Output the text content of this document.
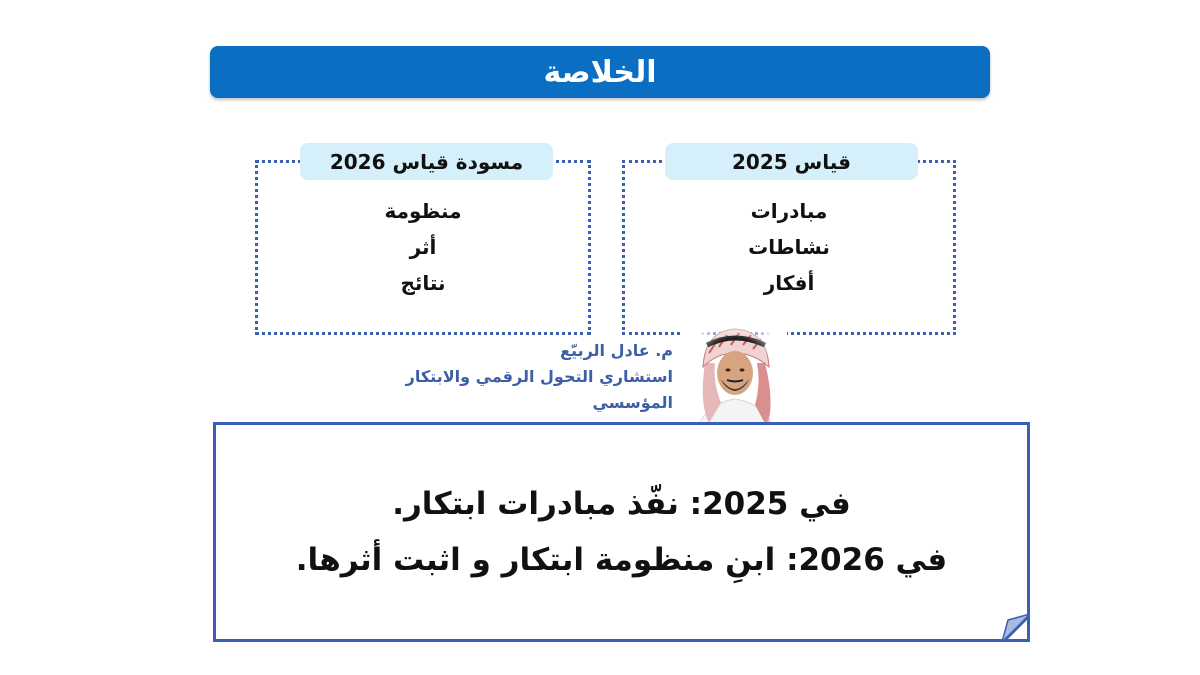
الخلاصة
قياس 2025
مبادرات
نشاطات
أفكار
مسودة قياس 2026
منظومة
أثر
نتائج
م. عادل الربيّع
استشاري التحول الرقمي والابتكار المؤسسي
في 2025: نفّذ مبادرات ابتكار.
في 2026: ابنِ منظومة ابتكار و اثبت أثرها.
